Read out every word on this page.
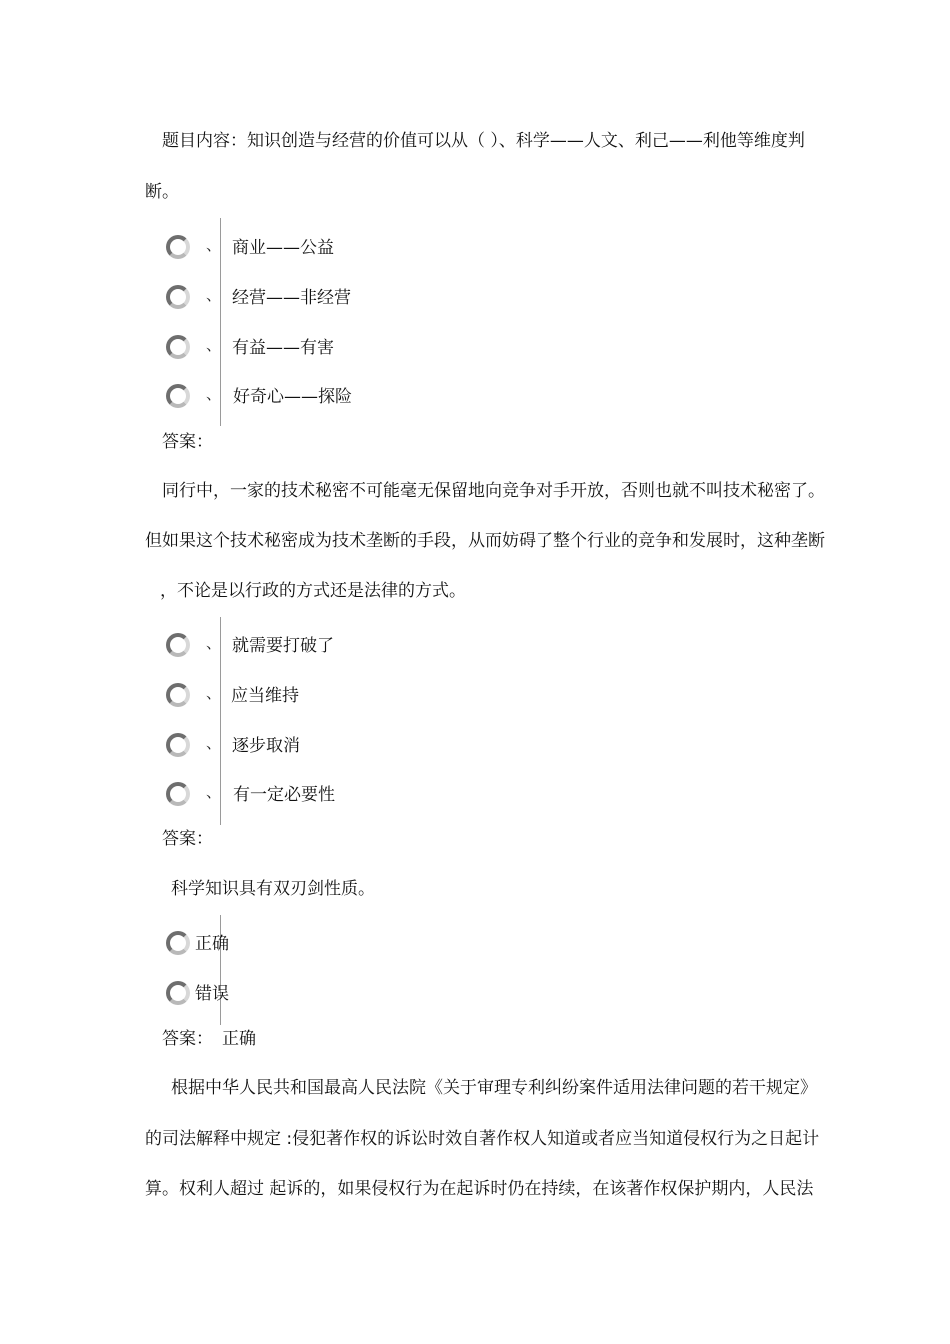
题目内容：知识创造与经营的价值可以从（ ）、科学——人文、利己——利他等维度判
断。
、 商业——公益
、 经营——非经营
、 有益——有害
、 好奇心——探险
答案：
同行中，一家的技术秘密不可能毫无保留地向竞争对手开放，否则也就不叫技术秘密了。
但如果这个技术秘密成为技术垄断的手段，从而妨碍了整个行业的竞争和发展时，这种垄断
，不论是以行政的方式还是法律的方式。
、 就需要打破了
、 应当维持
、 逐步取消
、 有一定必要性
答案：
科学知识具有双刃剑性质。
正确
错误
答案： 正确
根据中华人民共和国最高人民法院《关于审理专利纠纷案件适用法律问题的若干规定》
的司法解释中规定 :侵犯著作权的诉讼时效自著作权人知道或者应当知道侵权行为之日起计
算。权利人超过 起诉的，如果侵权行为在起诉时仍在持续，在该著作权保护期内，人民法
